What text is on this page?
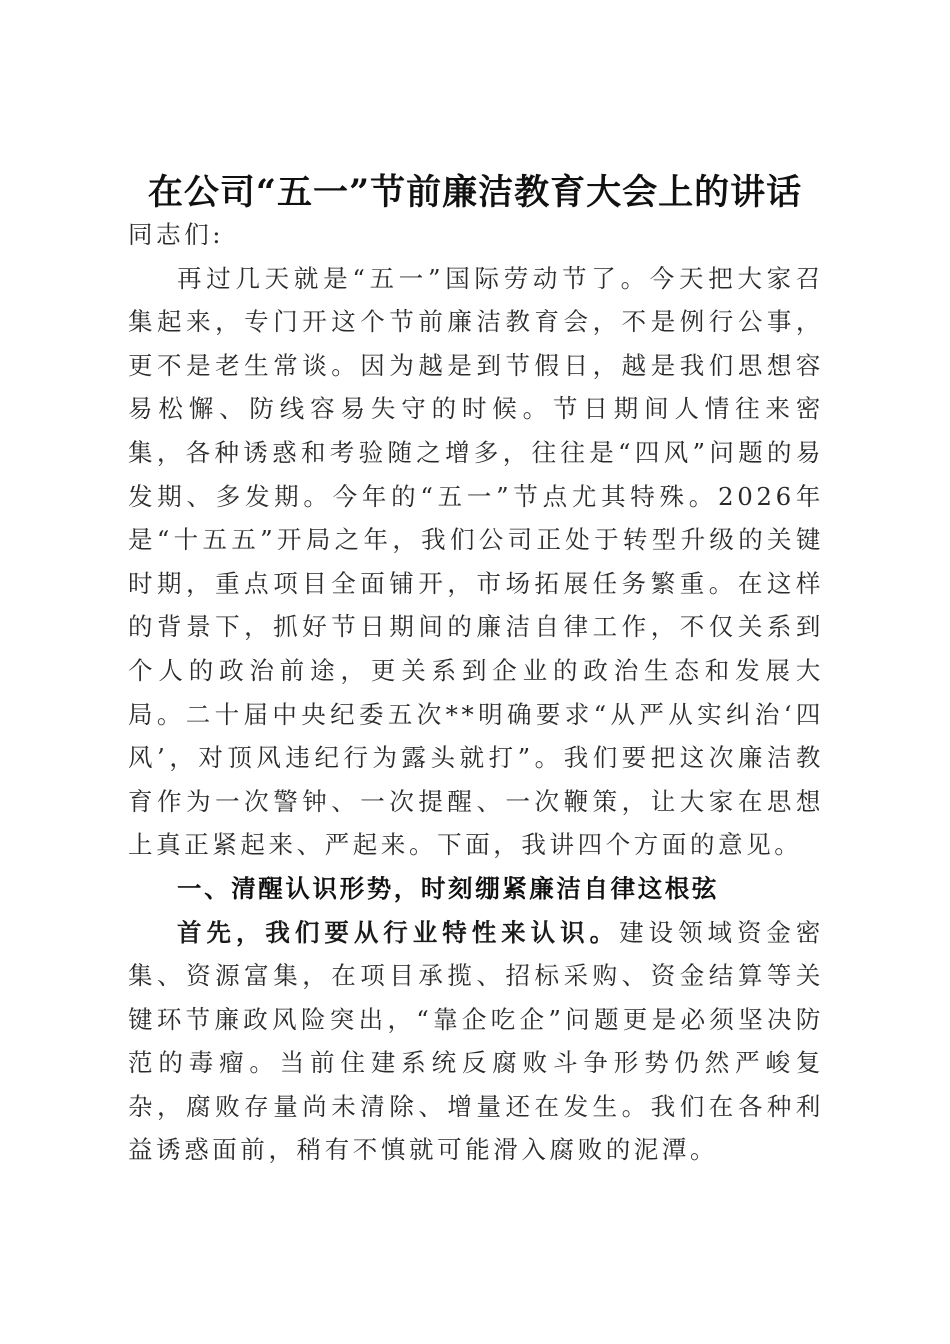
在公司“五一”节前廉洁教育大会上的讲话

同志们:

再过几天就是“五一”国际劳动节了。今天把大家召集起来，专门开这个节前廉洁教育会，不是例行公事，更不是老生常谈。因为越是到节假日，越是我们思想容易松懈、防线容易失守的时候。节日期间人情往来密集，各种诱惑和考验随之增多，往往是“四风”问题的易发期、多发期。今年的“五一”节点尤其特殊。2026年是“十五五”开局之年，我们公司正处于转型升级的关键时期，重点项目全面铺开，市场拓展任务繁重。在这样的背景下，抓好节日期间的廉洁自律工作，不仅关系到个人的政治前途，更关系到企业的政治生态和发展大局。二十届中央纪委五次**明确要求“从严从实纠治‘四风’，对顶风违纪行为露头就打”。我们要把这次廉洁教育作为一次警钟、一次提醒、一次鞭策，让大家在思想上真正紧起来、严起来。下面，我讲四个方面的意见。

一、清醒认识形势，时刻绷紧廉洁自律这根弦

首先，我们要从行业特性来认识。建设领域资金密集、资源富集，在项目承揽、招标采购、资金结算等关键环节廉政风险突出，“靠企吃企”问题更是必须坚决防范的毒瘤。当前住建系统反腐败斗争形势仍然严峻复杂，腐败存量尚未清除、增量还在发生。我们在各种利益诱惑面前，稍有不慎就可能滑入腐败的泥潭。
